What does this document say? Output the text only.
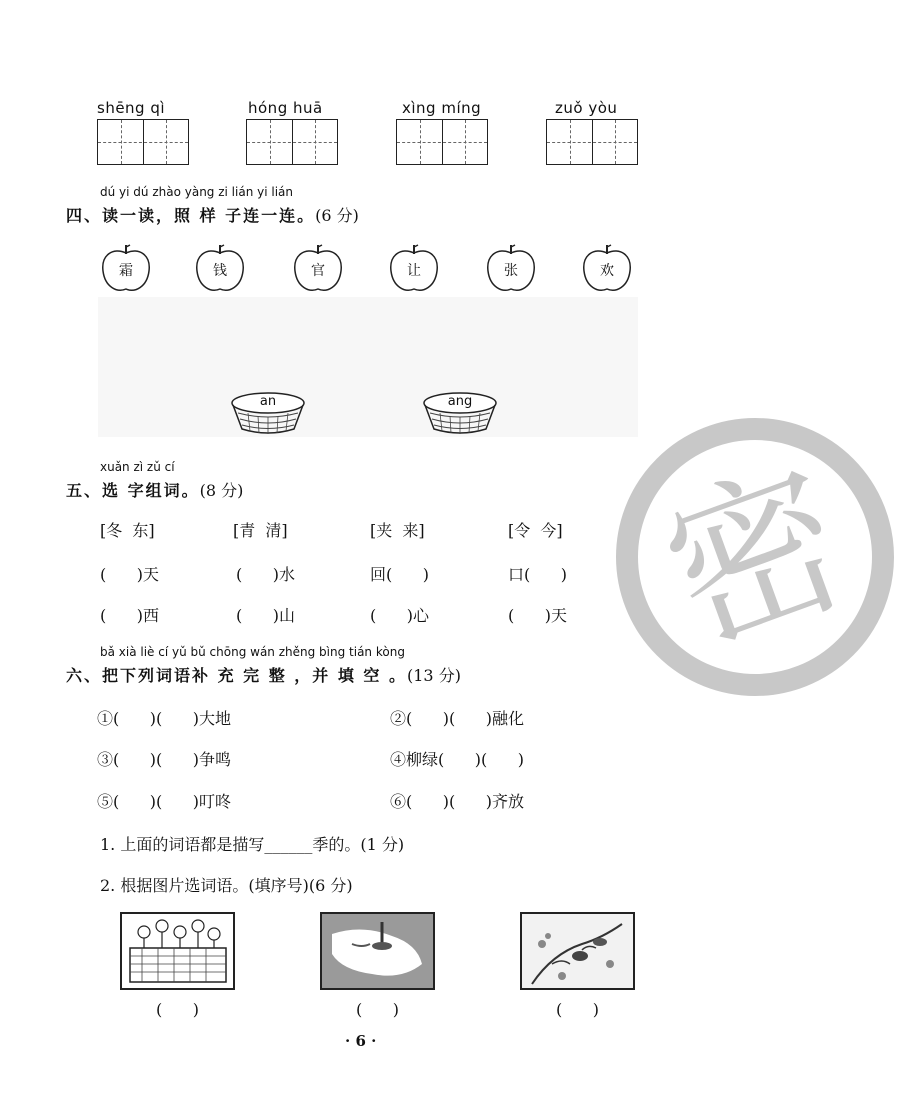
shēng qì	hóng huā	xìng míng	zuǒ yòu
dú yi dú zhào yàng zi lián yi lián
四、读一读，照 样 子连一连。(6 分)
霜	钱	官	让	张	欢
an	ang
密
xuǎn zì zǔ cí
五、选 字组词。(8 分)
[冬  东]	[青  清]	[夹  来]	[令  今]
(      )天	(      )水	回(      )	口(      )
(      )西	(      )山	(      )心	(      )天
bǎ xià liè cí yǔ bǔ chōng wán zhěng bìng tián kòng
六、把下列词语补 充 完 整 ，并 填 空 。(13 分)
①(      )(      )大地	②(      )(      )融化
③(      )(      )争鸣	④柳绿(      )(      )
⑤(      )(      )叮咚	⑥(      )(      )齐放
1. 上面的词语都是描写______季的。(1 分)
2. 根据图片选词语。(填序号)(6 分)
(      )	(      )	(      )
· 6 ·
